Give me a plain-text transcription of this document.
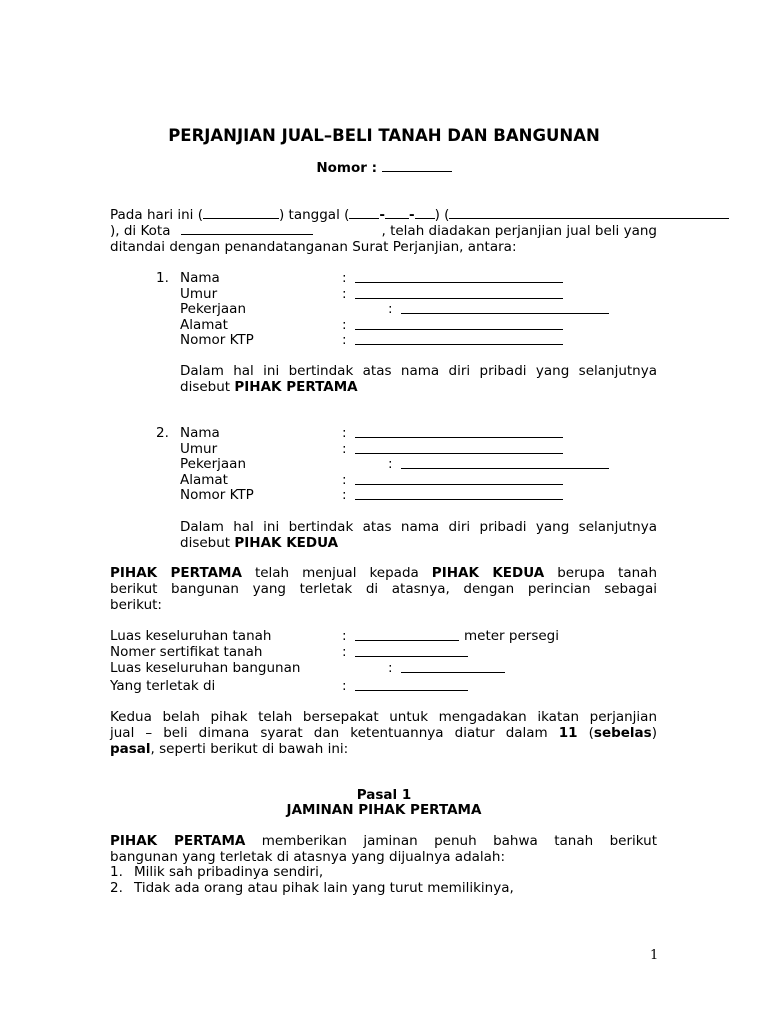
PERJANJIAN JUAL–BELI TANAH DAN BANGUNAN
Nomor :
Pada hari ini (	) tanggal ( - - ) (
), di Kota	, telah diadakan perjanjian jual beli yang
ditandai dengan penandatanganan Surat Perjanjian, antara:
1. Nama	:
Umur	:
Pekerjaan	:
Alamat	:
Nomor KTP	:
Dalam hal ini bertindak atas nama diri pribadi yang selanjutnya
disebut PIHAK PERTAMA
2. Nama	:
Umur	:
Pekerjaan	:
Alamat	:
Nomor KTP	:
Dalam hal ini bertindak atas nama diri pribadi yang selanjutnya
disebut PIHAK KEDUA
PIHAK PERTAMA telah menjual kepada PIHAK KEDUA berupa tanah
berikut bangunan yang terletak di atasnya, dengan perincian sebagai
berikut:
Luas keseluruhan tanah	:	meter persegi
Nomer sertifikat tanah	:
Luas keseluruhan bangunan	:
Yang terletak di	:
Kedua belah pihak telah bersepakat untuk mengadakan ikatan perjanjian
jual – beli dimana syarat dan ketentuannya diatur dalam 11 (sebelas)
pasal, seperti berikut di bawah ini:
Pasal 1
JAMINAN PIHAK PERTAMA
PIHAK PERTAMA memberikan jaminan penuh bahwa tanah berikut
bangunan yang terletak di atasnya yang dijualnya adalah:
1. Milik sah pribadinya sendiri,
2. Tidak ada orang atau pihak lain yang turut memilikinya,
1
